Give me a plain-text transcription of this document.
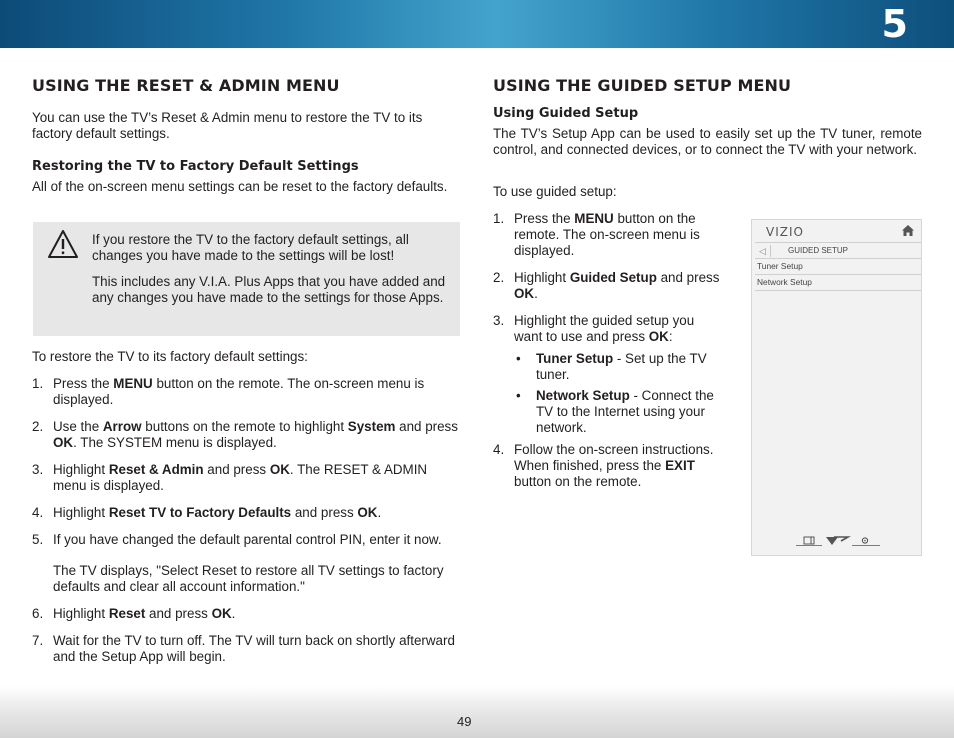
5
USING THE RESET & ADMIN MENU

You can use the TV’s Reset & Admin menu to restore the TV to its factory default settings.

Restoring the TV to Factory Default Settings

All of the on-screen menu settings can be reset to the factory defaults.

If you restore the TV to the factory default settings, all changes you have made to the settings will be lost!
This includes any V.I.A. Plus Apps that you have added and any changes you have made to the settings for those Apps.

To restore the TV to its factory default settings:

1. Press the MENU button on the remote. The on-screen menu is displayed.
2. Use the Arrow buttons on the remote to highlight System and press OK. The SYSTEM menu is displayed.
3. Highlight Reset & Admin and press OK. The RESET & ADMIN menu is displayed.
4. Highlight Reset TV to Factory Defaults and press OK.
5. If you have changed the default parental control PIN, enter it now.
The TV displays, "Select Reset to restore all TV settings to factory defaults and clear all account information."
6. Highlight Reset and press OK.
7. Wait for the TV to turn off. The TV will turn back on shortly afterward and the Setup App will begin.
USING THE GUIDED SETUP MENU
Using Guided Setup

The TV’s Setup App can be used to easily set up the TV tuner, remote control, and connected devices, or to connect the TV with your network.

To use guided setup:

1. Press the MENU button on the remote. The on-screen menu is displayed.
2. Highlight Guided Setup and press OK.
3. Highlight the guided setup you want to use and press OK:
• Tuner Setup - Set up the TV tuner.
• Network Setup - Connect the TV to the Internet using your network.
4. Follow the on-screen instructions. When finished, press the EXIT button on the remote.
VIZIO
◁	GUIDED SETUP
Tuner Setup
Network Setup
49
